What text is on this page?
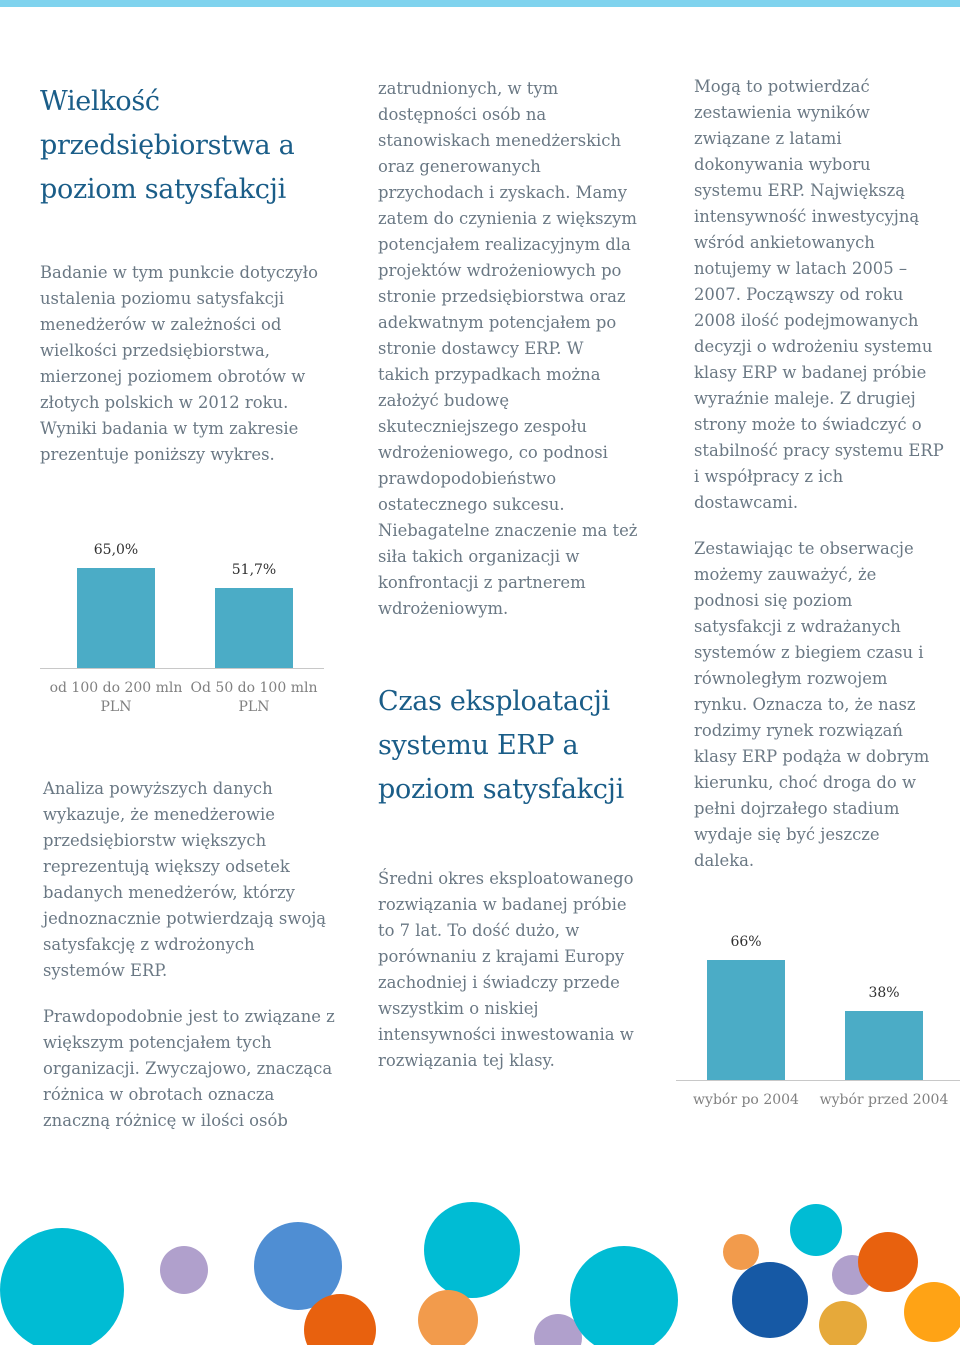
Wielkość przedsiębiorstwa a poziom satysfakcji

Badanie w tym punkcie dotyczyło ustalenia poziomu satysfakcji menedżerów w zależności od wielkości przedsiębiorstwa, mierzonej poziomem obrotów w złotych polskich w 2012 roku. Wyniki badania w tym zakresie prezentuje poniższy wykres.

65,0%
od 100 do 200 mln PLN
51,7%
Od 50 do 100 mln PLN

Analiza powyższych danych wykazuje, że menedżerowie przedsiębiorstw większych reprezentują większy odsetek badanych menedżerów, którzy jednoznacznie potwierdzają swoją satysfakcję z wdrożonych systemów ERP.

Prawdopodobnie jest to związane z większym potencjałem tych organizacji. Zwyczajowo, znacząca różnica w obrotach oznacza znaczną różnicę w ilości osób

zatrudnionych, w tym dostępności osób na stanowiskach menedżerskich oraz generowanych przychodach i zyskach. Mamy zatem do czynienia z większym potencjałem realizacyjnym dla projektów wdrożeniowych po stronie przedsiębiorstwa oraz adekwatnym potencjałem po stronie dostawcy ERP. W takich przypadkach można założyć budowę skuteczniejszego zespołu wdrożeniowego, co podnosi prawdopodobieństwo ostatecznego sukcesu. Niebagatelne znaczenie ma też siła takich organizacji w konfrontacji z partnerem wdrożeniowym.

Czas eksploatacji systemu ERP a poziom satysfakcji

Średni okres eksploatowanego rozwiązania w badanej próbie to 7 lat. To dość dużo, w porównaniu z krajami Europy zachodniej i świadczy przede wszystkim o niskiej intensywności inwestowania w rozwiązania tej klasy.

Mogą to potwierdzać zestawienia wyników związane z latami dokonywania wyboru systemu ERP. Największą intensywność inwestycyjną wśród ankietowanych notujemy w latach 2005 – 2007. Począwszy od roku 2008 ilość podejmowanych decyzji o wdrożeniu systemu klasy ERP w badanej próbie wyraźnie maleje. Z drugiej strony może to świadczyć o stabilność pracy systemu ERP i współpracy z ich dostawcami.

Zestawiając te obserwacje możemy zauważyć, że podnosi się poziom satysfakcji z wdrażanych systemów z biegiem czasu i równoległym rozwojem rynku. Oznacza to, że nasz rodzimy rynek rozwiązań klasy ERP podąża w dobrym kierunku, choć droga do w pełni dojrzałego stadium wydaje się być jeszcze daleka.

66%
wybór po 2004
38%
wybór przed 2004
